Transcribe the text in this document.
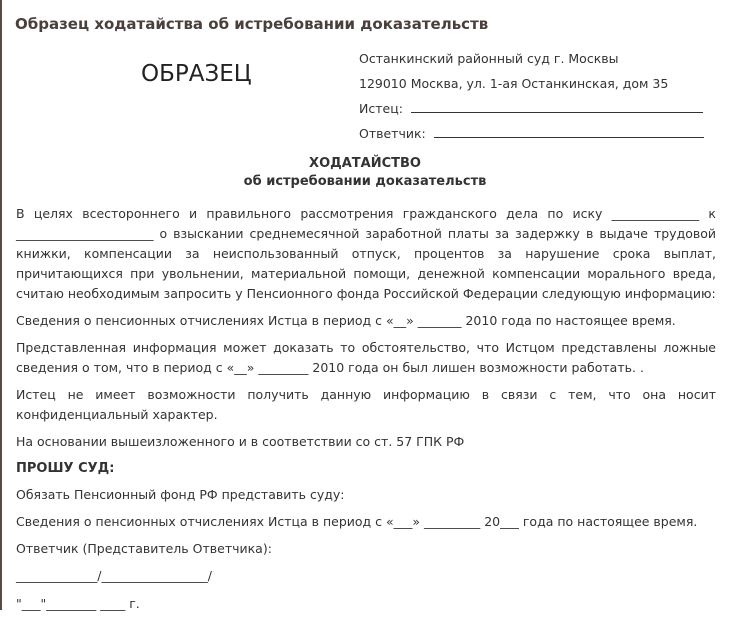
Образец ходатайства об истребовании доказательств
ОБРАЗЕЦ
Останкинский районный суд г. Москвы
129010 Москва, ул. 1-ая Останкинская, дом 35
Истец:
Ответчик:
ХОДАТАЙСТВО
об истребовании доказательств

В целях всестороннего и правильного рассмотрения гражданского дела по иску ______________ к ______________________ о взыскании среднемесячной заработной платы за задержку в выдаче трудовой книжки, компенсации за неиспользованный отпуск, процентов за нарушение срока выплат, причитающихся при увольнении, материальной помощи, денежной компенсации морального вреда, считаю необходимым запросить у Пенсионного фонда Российской Федерации следующую информацию:

Сведения о пенсионных отчислениях Истца в период с «__» _______ 2010 года по настоящее время.

Представленная информация может доказать то обстоятельство, что Истцом представлены ложные сведения о том, что в период с «__» ________ 2010 года он был лишен возможности работать. .

Истец не имеет возможности получить данную информацию в связи с тем, что она носит конфиденциальный характер.

На основании вышеизложенного и в соответствии со ст. 57 ГПК РФ

ПРОШУ СУД:

Обязать Пенсионный фонд РФ представить суду:

Сведения о пенсионных отчислениях Истца в период с «___» _________ 20___ года по настоящее время.

Ответчик (Представитель Ответчика):

_____________/_________________/
"___"________ ____ г.
